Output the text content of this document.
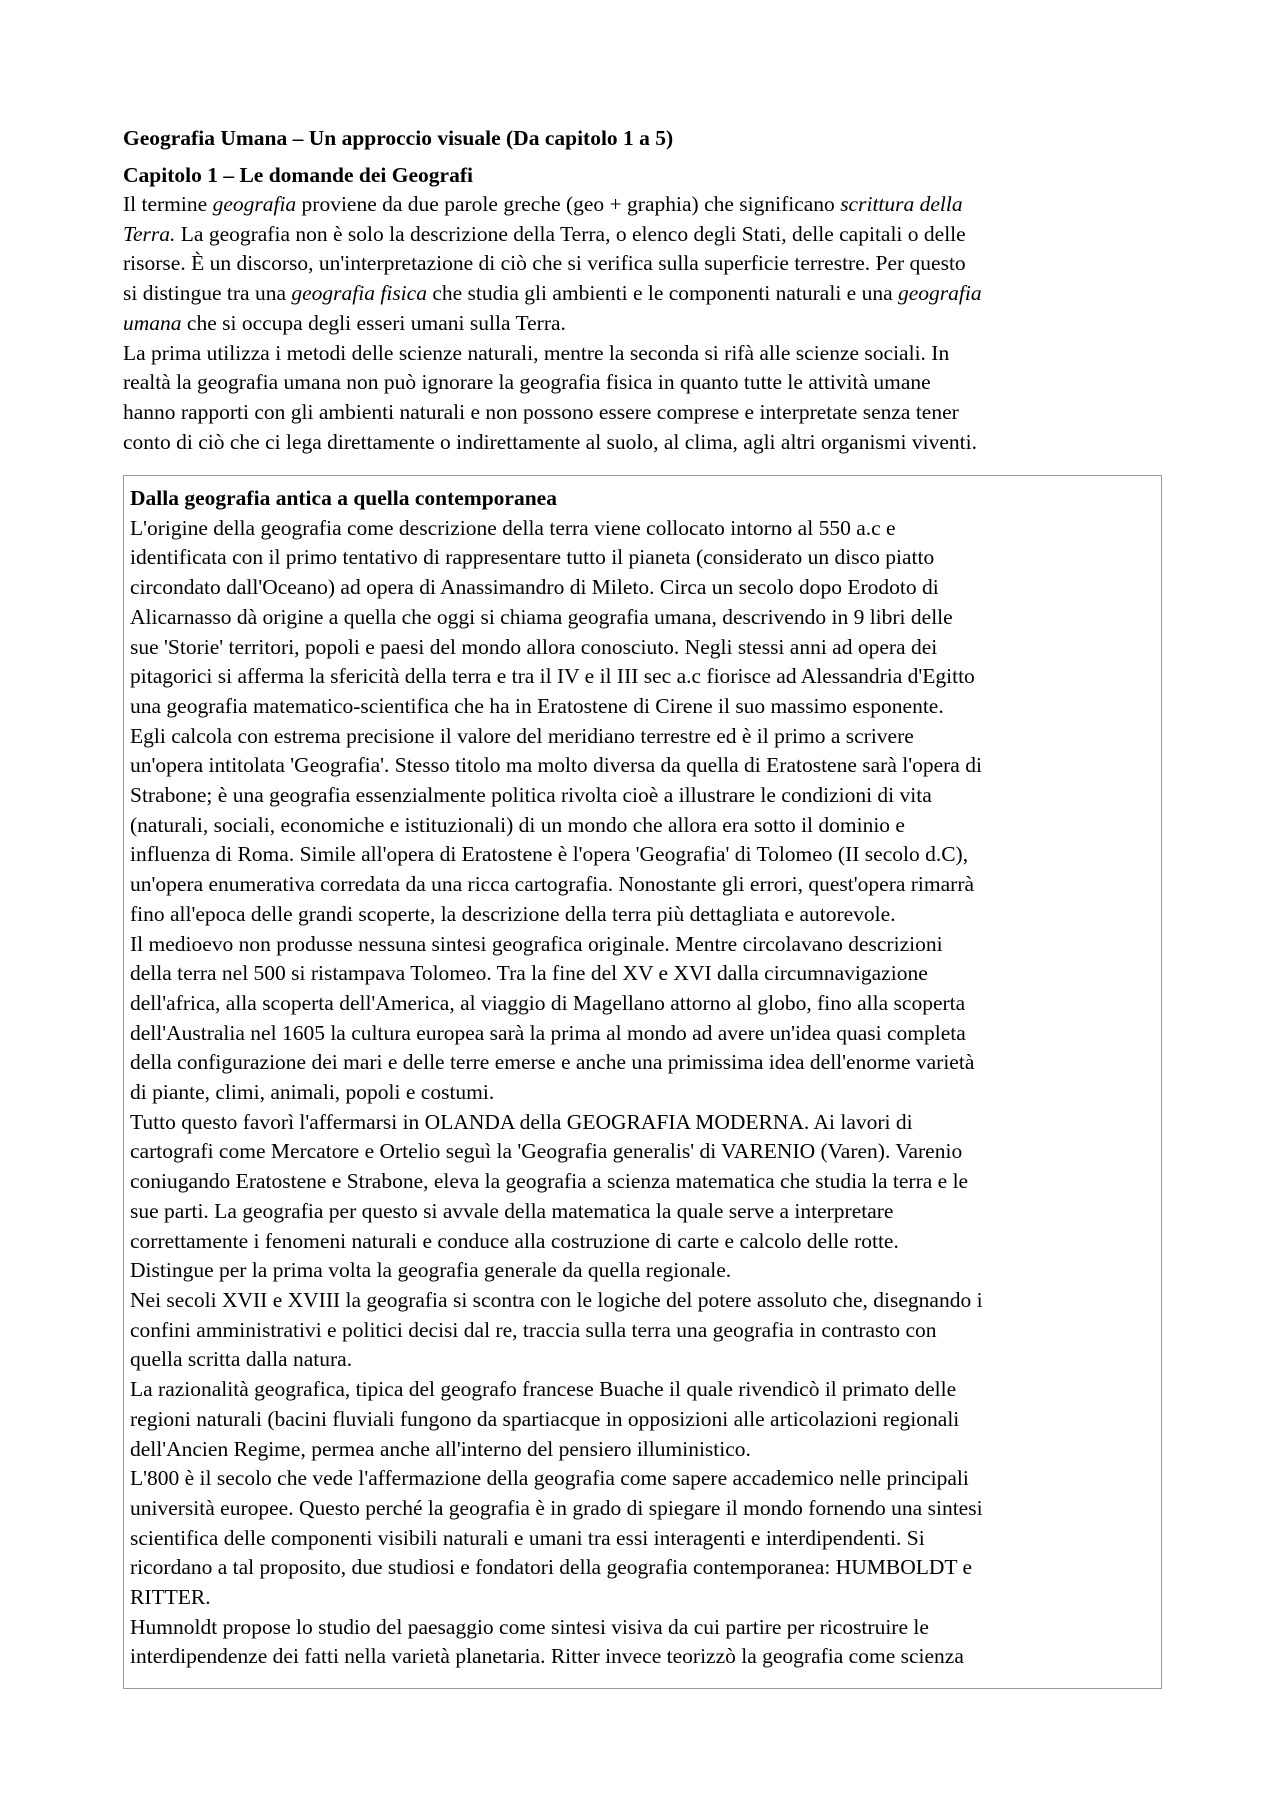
Geografia Umana – Un approccio visuale (Da capitolo 1 a 5)

Capitolo 1 – Le domande dei Geografi

Il termine geografia proviene da due parole greche (geo + graphia) che significano scrittura della
Terra. La geografia non è solo la descrizione della Terra, o elenco degli Stati, delle capitali o delle
risorse. È un discorso, un'interpretazione di ciò che si verifica sulla superficie terrestre. Per questo
si distingue tra una geografia fisica che studia gli ambienti e le componenti naturali e una geografia
umana che si occupa degli esseri umani sulla Terra.

La prima utilizza i metodi delle scienze naturali, mentre la seconda si rifà alle scienze sociali. In
realtà la geografia umana non può ignorare la geografia fisica in quanto tutte le attività umane
hanno rapporti con gli ambienti naturali e non possono essere comprese e interpretate senza tener
conto di ciò che ci lega direttamente o indirettamente al suolo, al clima, agli altri organismi viventi.

Dalla geografia antica a quella contemporanea

L'origine della geografia come descrizione della terra viene collocato intorno al 550 a.c e
identificata con il primo tentativo di rappresentare tutto il pianeta (considerato un disco piatto
circondato dall'Oceano) ad opera di Anassimandro di Mileto. Circa un secolo dopo Erodoto di
Alicarnasso dà origine a quella che oggi si chiama geografia umana, descrivendo in 9 libri delle
sue 'Storie' territori, popoli e paesi del mondo allora conosciuto. Negli stessi anni ad opera dei
pitagorici si afferma la sfericità della terra e tra il IV e il III sec a.c fiorisce ad Alessandria d'Egitto
una geografia matematico-scientifica che ha in Eratostene di Cirene il suo massimo esponente.
Egli calcola con estrema precisione il valore del meridiano terrestre ed è il primo a scrivere
un'opera intitolata 'Geografia'. Stesso titolo ma molto diversa da quella di Eratostene sarà l'opera di
Strabone; è una geografia essenzialmente politica rivolta cioè a illustrare le condizioni di vita
(naturali, sociali, economiche e istituzionali) di un mondo che allora era sotto il dominio e
influenza di Roma. Simile all'opera di Eratostene è l'opera 'Geografia' di Tolomeo (II secolo d.C),
un'opera enumerativa corredata da una ricca cartografia. Nonostante gli errori, quest'opera rimarrà
fino all'epoca delle grandi scoperte, la descrizione della terra più dettagliata e autorevole.

Il medioevo non produsse nessuna sintesi geografica originale. Mentre circolavano descrizioni
della terra nel 500 si ristampava Tolomeo. Tra la fine del XV e XVI dalla circumnavigazione
dell'africa, alla scoperta dell'America, al viaggio di Magellano attorno al globo, fino alla scoperta
dell'Australia nel 1605 la cultura europea sarà la prima al mondo ad avere un'idea quasi completa
della configurazione dei mari e delle terre emerse e anche una primissima idea dell'enorme varietà
di piante, climi, animali, popoli e costumi.

Tutto questo favorì l'affermarsi in OLANDA della GEOGRAFIA MODERNA. Ai lavori di
cartografi come Mercatore e Ortelio seguì la 'Geografia generalis' di VARENIO (Varen). Varenio
coniugando Eratostene e Strabone, eleva la geografia a scienza matematica che studia la terra e le
sue parti. La geografia per questo si avvale della matematica la quale serve a interpretare
correttamente i fenomeni naturali e conduce alla costruzione di carte e calcolo delle rotte.
Distingue per la prima volta la geografia generale da quella regionale.

Nei secoli XVII e XVIII la geografia si scontra con le logiche del potere assoluto che, disegnando i
confini amministrativi e politici decisi dal re, traccia sulla terra una geografia in contrasto con
quella scritta dalla natura.

La razionalità geografica, tipica del geografo francese Buache il quale rivendicò il primato delle
regioni naturali (bacini fluviali fungono da spartiacque in opposizioni alle articolazioni regionali
dell'Ancien Regime, permea anche all'interno del pensiero illuministico.

L'800 è il secolo che vede l'affermazione della geografia come sapere accademico nelle principali
università europee. Questo perché la geografia è in grado di spiegare il mondo fornendo una sintesi
scientifica delle componenti visibili naturali e umani tra essi interagenti e interdipendenti. Si
ricordano a tal proposito, due studiosi e fondatori della geografia contemporanea: HUMBOLDT e
RITTER.

Humnoldt propose lo studio del paesaggio come sintesi visiva da cui partire per ricostruire le
interdipendenze dei fatti nella varietà planetaria. Ritter invece teorizzò la geografia come scienza
